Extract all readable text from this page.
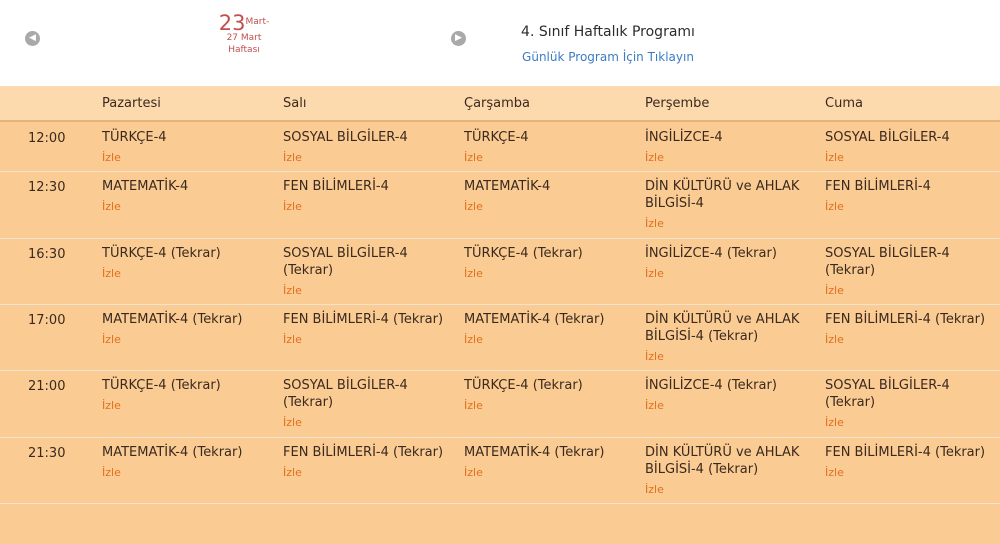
◀
$23^{Mart-}$
27 Mart Haftası
▶	4. Sınıf Haftalık Programı
Günlük Program İçin Tıklayın
Pazartesi	Salı	Çarşamba	Perşembe	Cuma
12:00	TÜRKÇE-4
İzle
SOSYAL BİLGİLER-4
İzle
TÜRKÇE-4
İzle
İNGİLİZCE-4
İzle
SOSYAL BİLGİLER-4
İzle
12:30	MATEMATİK-4
İzle
FEN BİLİMLERİ-4
İzle
MATEMATİK-4
İzle
DİN KÜLTÜRÜ ve AHLAK BİLGİSİ-4
İzle
FEN BİLİMLERİ-4
İzle
16:30	TÜRKÇE-4 (Tekrar)
İzle
SOSYAL BİLGİLER-4 (Tekrar)
İzle
TÜRKÇE-4 (Tekrar)
İzle
İNGİLİZCE-4 (Tekrar)
İzle
SOSYAL BİLGİLER-4 (Tekrar)
İzle
17:00	MATEMATİK-4 (Tekrar)
İzle
FEN BİLİMLERİ-4 (Tekrar)
İzle
MATEMATİK-4 (Tekrar)
İzle
DİN KÜLTÜRÜ ve AHLAK BİLGİSİ-4 (Tekrar)
İzle
FEN BİLİMLERİ-4 (Tekrar)
İzle
21:00	TÜRKÇE-4 (Tekrar)
İzle
SOSYAL BİLGİLER-4 (Tekrar)
İzle
TÜRKÇE-4 (Tekrar)
İzle
İNGİLİZCE-4 (Tekrar)
İzle
SOSYAL BİLGİLER-4 (Tekrar)
İzle
21:30	MATEMATİK-4 (Tekrar)
İzle
FEN BİLİMLERİ-4 (Tekrar)
İzle
MATEMATİK-4 (Tekrar)
İzle
DİN KÜLTÜRÜ ve AHLAK BİLGİSİ-4 (Tekrar)
İzle
FEN BİLİMLERİ-4 (Tekrar)
İzle
